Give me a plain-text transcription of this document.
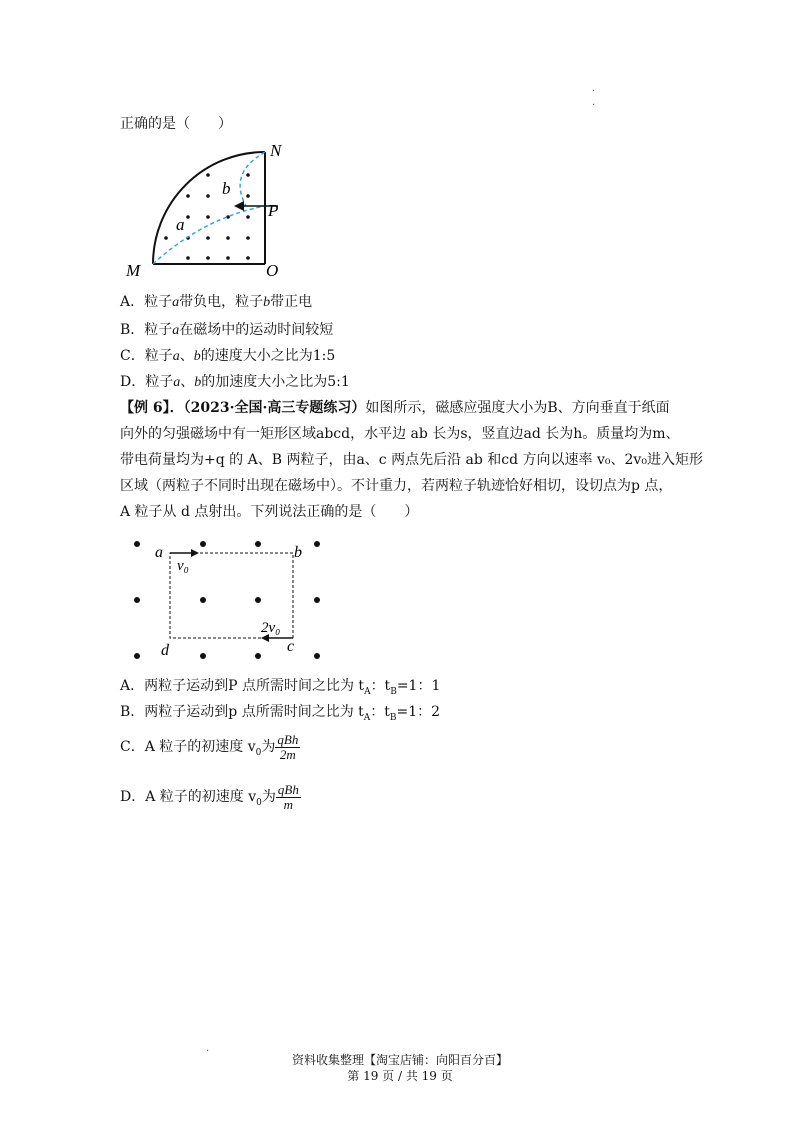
·
·
正确的是（　　）
N
P
M	O
a
b
A．粒子a带负电，粒子b带正电
B．粒子a在磁场中的运动时间较短
C．粒子a、b的速度大小之比为1:5
D．粒子a、b的加速度大小之比为5:1
【例 6】．（2023·全国·高三专题练习）如图所示，磁感应强度大小为B、方向垂直于纸面
向外的匀强磁场中有一矩形区域abcd，水平边 ab 长为s，竖直边ad 长为h。质量均为m、
带电荷量均为+q 的 A、B 两粒子，由a、c 两点先后沿 ab 和cd 方向以速率 v₀、2v₀进入矩形
区域（两粒子不同时出现在磁场中）。不计重力，若两粒子轨迹恰好相切，设切点为p 点，
A 粒子从 d 点射出。下列说法正确的是（　　）
a	b
v₀
2v₀
c
d
A．两粒子运动到P 点所需时间之比为 $t_A$：$t_B=1$：1
B．两粒子运动到p 点所需时间之比为 $t_A$：$t_B=1$：2
C．A 粒子的初速度 $v_0$为 $\frac{\text{qBh}}{2m}$
D．A 粒子的初速度 $v_0$为 $\frac{\text{qBh}}{m}$
·
资料收集整理【淘宝店铺：向阳百分百】
第 19 页 / 共 19 页
